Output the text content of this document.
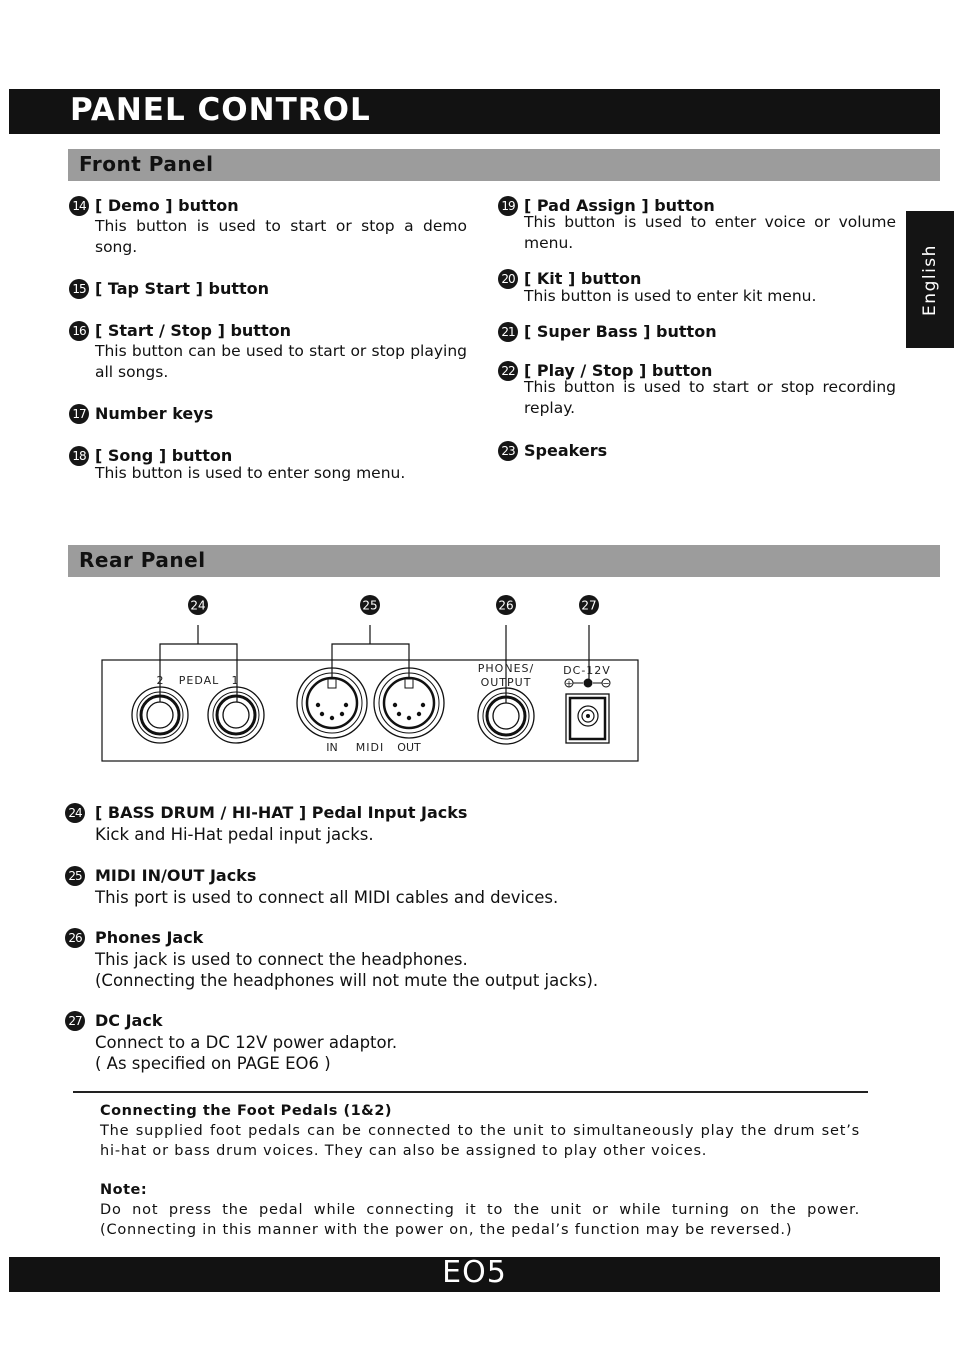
PANEL CONTROL
English
Front Panel
14 [ Demo ] button
This button is used to start or stop a demo song.
15 [ Tap Start ] button
16 [ Start / Stop ] button
This button can be used to start or stop playing all songs.
17 Number keys
18 [ Song ] button
This button is used to enter song menu.
19 [ Pad Assign ] button
This button is used to enter voice or volume menu.
20 [ Kit ] button
This button is used to enter kit menu.
21 [ Super Bass ] button
22 [ Play / Stop ] button
This button is used to start or stop recording replay.
23 Speakers
Rear Panel
24	25	26	27
2 PEDAL 1
IN MIDI OUT
PHONES/
OUTPUT
DC-12V
+	−
24 [ BASS DRUM / HI-HAT ] Pedal Input Jacks
Kick and Hi-Hat pedal input jacks.
25 MIDI IN/OUT Jacks
This port is used to connect all MIDI cables and devices.
26 Phones Jack
This jack is used to connect the headphones.
(Connecting the headphones will not mute the output jacks).
27 DC Jack
Connect to a DC 12V power adaptor.
( As specified on PAGE EO6 )
Connecting the Foot Pedals (1&2)
The supplied foot pedals can be connected to the unit to simultaneously play the drum set’s hi-hat or bass drum voices. They can also be assigned to play other voices.
Note:
Do not press the pedal while connecting it to the unit or while turning on the power. (Connecting in this manner with the power on, the pedal’s function may be reversed.)
EO5
